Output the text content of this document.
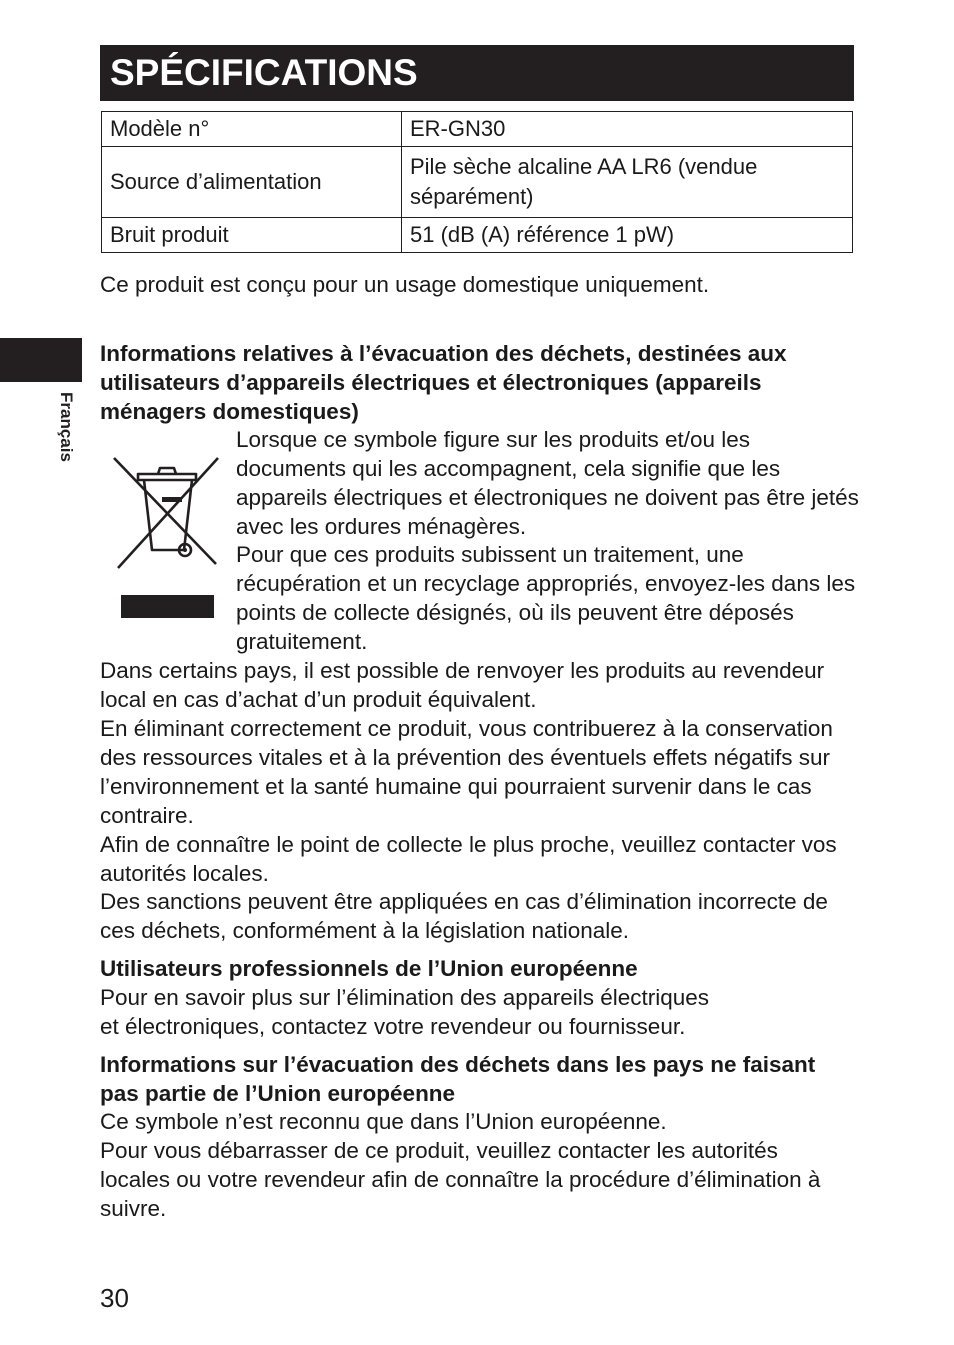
SPÉCIFICATIONS
Modèle n°	ER-GN30
Source d’alimentation	Pile sèche alcaline AA LR6 (vendue séparément)
Bruit produit	51 (dB (A) référence 1 pW)
Ce produit est conçu pour un usage domestique uniquement.
Français
Informations relatives à l’évacuation des déchets, destinées aux utilisateurs d’appareils électriques et électroniques (appareils ménagers domestiques)
Lorsque ce symbole figure sur les produits et/ou les documents qui les accompagnent, cela signifie que les appareils électriques et électroniques ne doivent pas être jetés avec les ordures ménagères.
Pour que ces produits subissent un traitement, une récupération et un recyclage appropriés, envoyez-les dans les points de collecte désignés, où ils peuvent être déposés gratuitement.
Dans certains pays, il est possible de renvoyer les produits au revendeur local en cas d’achat d’un produit équivalent.
En éliminant correctement ce produit, vous contribuerez à la conservation des ressources vitales et à la prévention des éventuels effets négatifs sur l’environnement et la santé humaine qui pourraient survenir dans le cas contraire.
Afin de connaître le point de collecte le plus proche, veuillez contacter vos autorités locales.
Des sanctions peuvent être appliquées en cas d’élimination incorrecte de ces déchets, conformément à la législation nationale.
Utilisateurs professionnels de l’Union européenne
Pour en savoir plus sur l’élimination des appareils électriques
et électroniques, contactez votre revendeur ou fournisseur.
Informations sur l’évacuation des déchets dans les pays ne faisant pas partie de l’Union européenne
Ce symbole n’est reconnu que dans l’Union européenne.
Pour vous débarrasser de ce produit, veuillez contacter les autorités locales ou votre revendeur afin de connaître la procédure d’élimination à suivre.
30
